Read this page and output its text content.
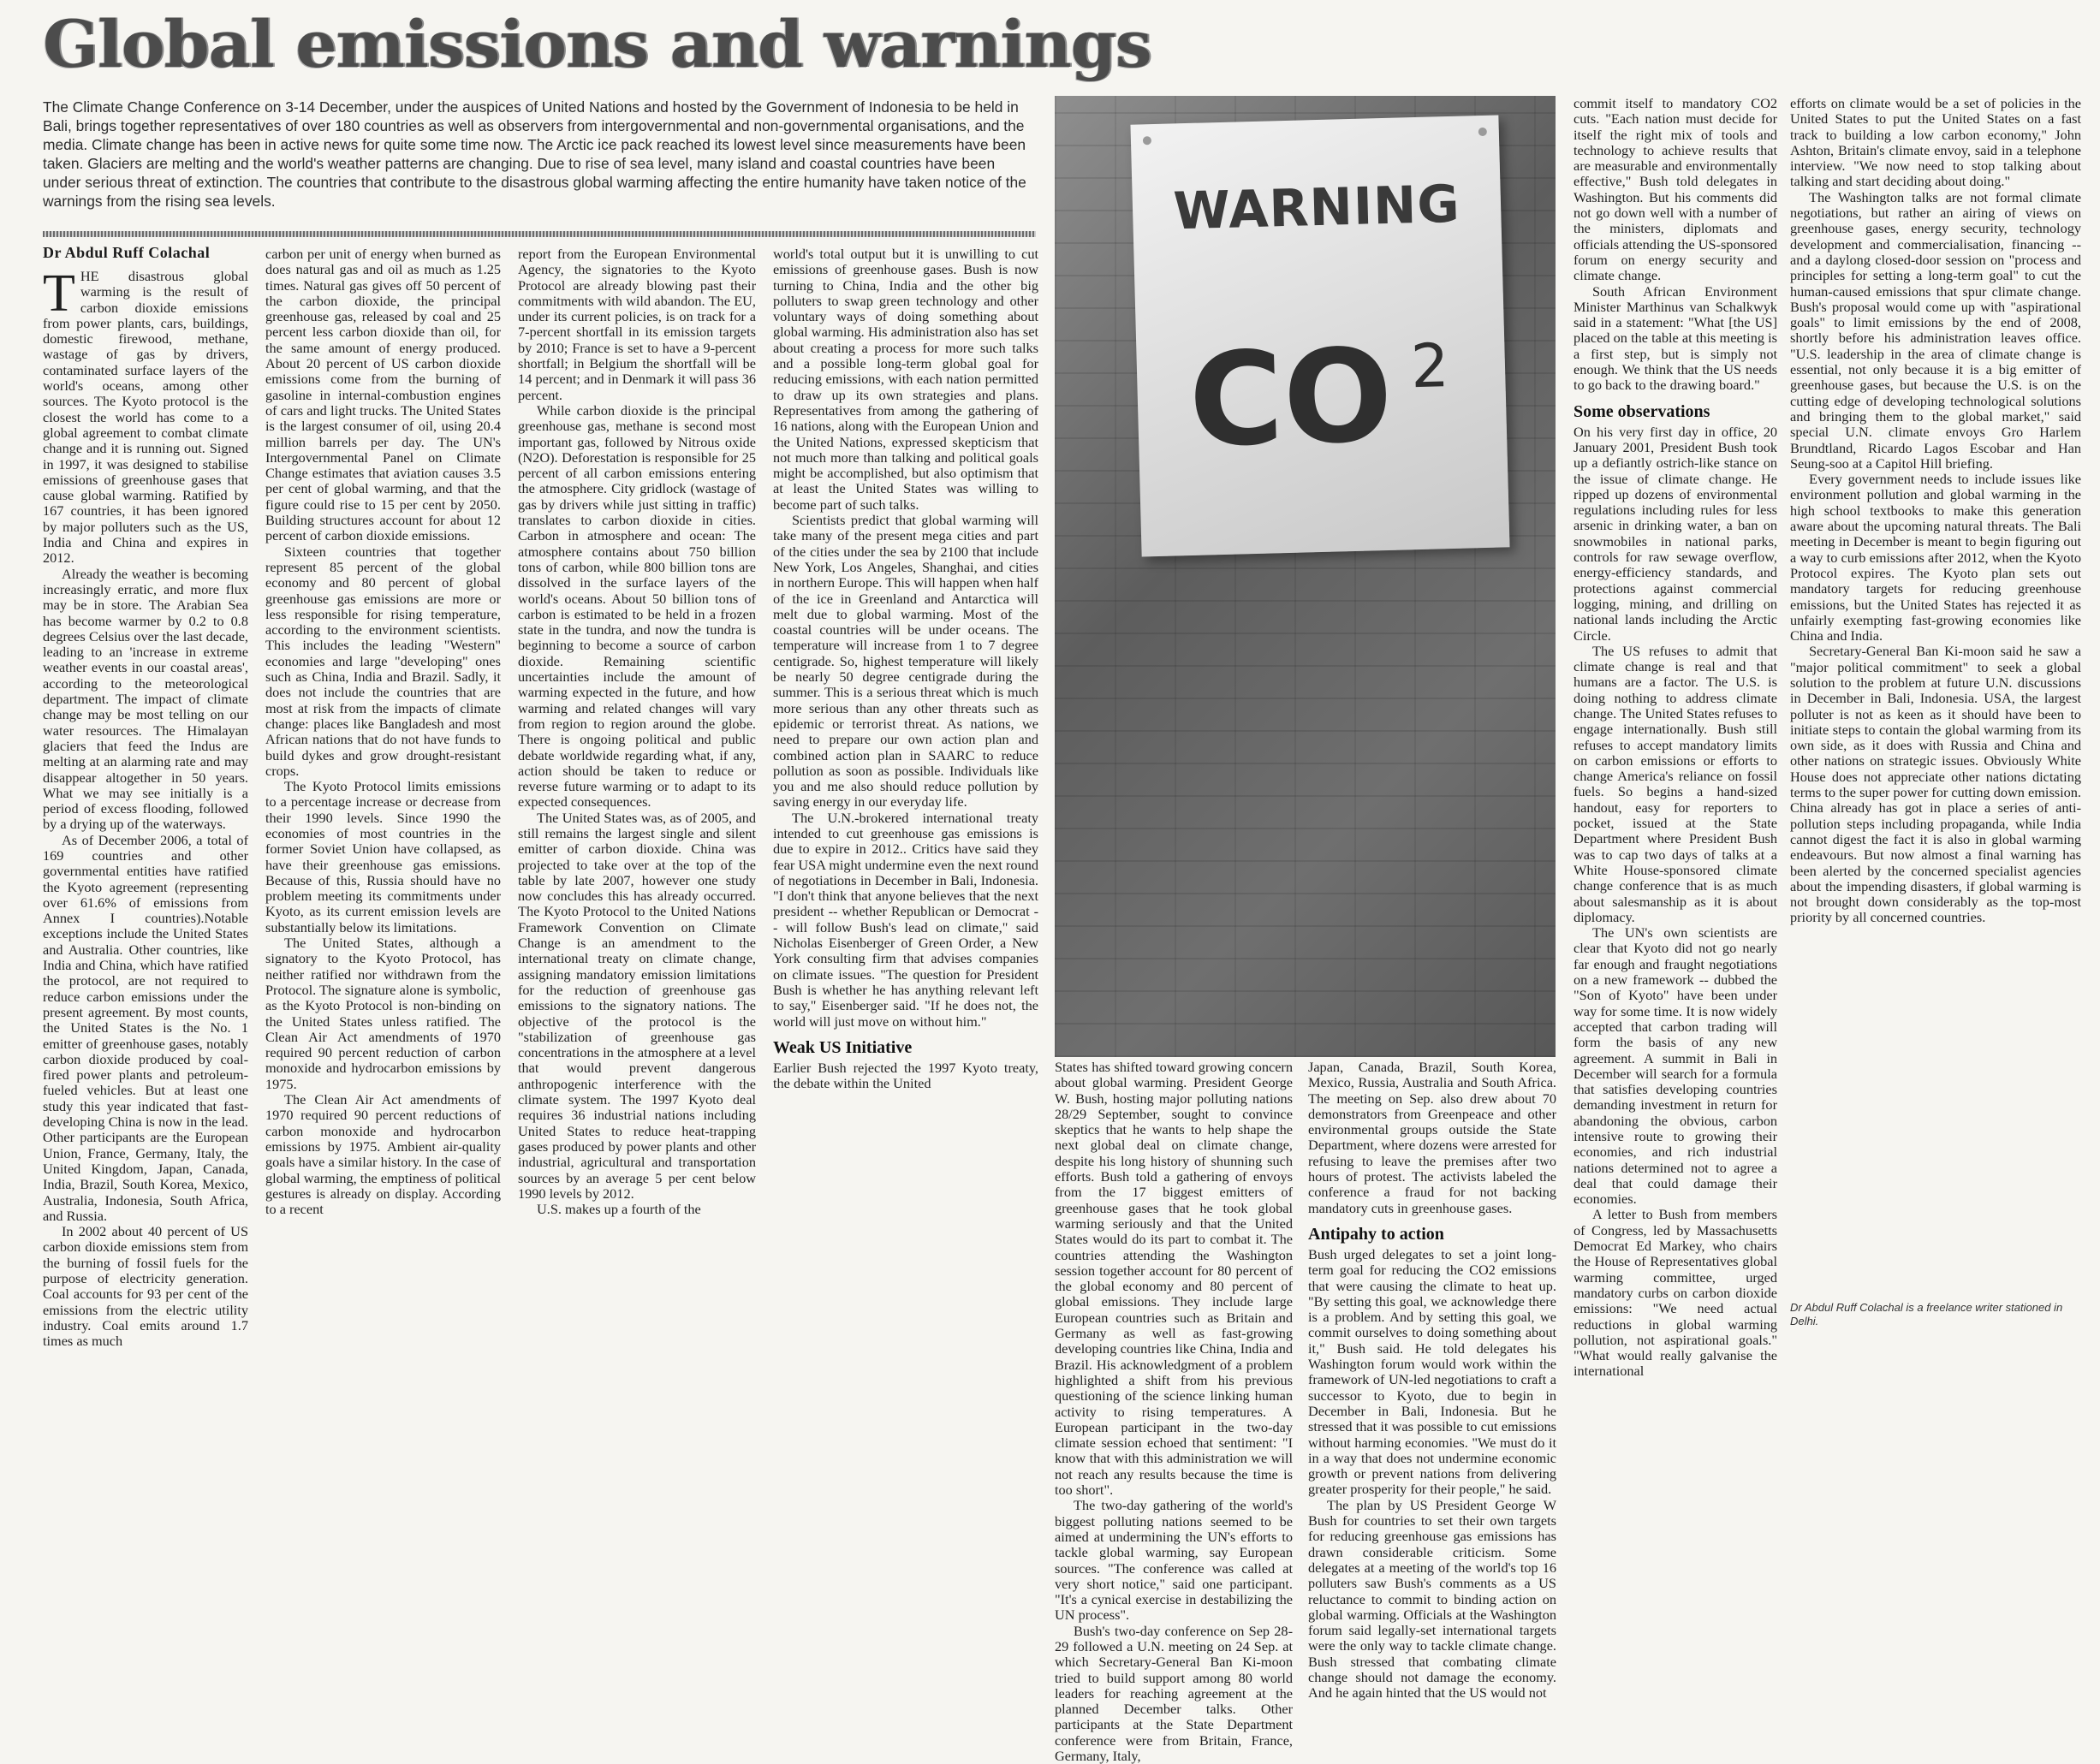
Global emissions and warnings

The Climate Change Conference on 3-14 December, under the auspices of United Nations and hosted by the Government of Indonesia to be held in Bali, brings together representatives of over 180 countries as well as observers from intergovernmental and non-governmental organisations, and the media. Climate change has been in active news for quite some time now. The Arctic ice pack reached its lowest level since measurements have been taken. Glaciers are melting and the world's weather patterns are changing. Due to rise of sea level, many island and coastal countries have been under serious threat of extinction. The countries that contribute to the disastrous global warming affecting the entire humanity have taken notice of the warnings from the rising sea levels.

Dr Abdul Ruff Colachal

THE disastrous global warming is the result of carbon dioxide emissions from power plants, cars, buildings, domestic firewood, methane, wastage of gas by drivers, contaminated surface layers of the world's oceans, among other sources. The Kyoto protocol is the closest the world has come to a global agreement to combat climate change and it is running out. Signed in 1997, it was designed to stabilise emissions of greenhouse gases that cause global warming. Ratified by 167 countries, it has been ignored by major polluters such as the US, India and China and expires in 2012.

Already the weather is becoming increasingly erratic, and more flux may be in store. The Arabian Sea has become warmer by 0.2 to 0.8 degrees Celsius over the last decade, leading to an 'increase in extreme weather events in our coastal areas', according to the meteorological department. The impact of climate change may be most telling on our water resources. The Himalayan glaciers that feed the Indus are melting at an alarming rate and may disappear altogether in 50 years. What we may see initially is a period of excess flooding, followed by a drying up of the waterways.

As of December 2006, a total of 169 countries and other governmental entities have ratified the Kyoto agreement (representing over 61.6% of emissions from Annex I countries).Notable exceptions include the United States and Australia. Other countries, like India and China, which have ratified the protocol, are not required to reduce carbon emissions under the present agreement. By most counts, the United States is the No. 1 emitter of greenhouse gases, notably carbon dioxide produced by coal-fired power plants and petroleum-fueled vehicles. But at least one study this year indicated that fast-developing China is now in the lead. Other participants are the European Union, France, Germany, Italy, the United Kingdom, Japan, Canada, India, Brazil, South Korea, Mexico, Australia, Indonesia, South Africa, and Russia.

In 2002 about 40 percent of US carbon dioxide emissions stem from the burning of fossil fuels for the purpose of electricity generation. Coal accounts for 93 per cent of the emissions from the electric utility industry. Coal emits around 1.7 times as much

carbon per unit of energy when burned as does natural gas and oil as much as 1.25 times. Natural gas gives off 50 percent of the carbon dioxide, the principal greenhouse gas, released by coal and 25 percent less carbon dioxide than oil, for the same amount of energy produced. About 20 percent of US carbon dioxide emissions come from the burning of gasoline in internal-combustion engines of cars and light trucks. The United States is the largest consumer of oil, using 20.4 million barrels per day. The UN's Intergovernmental Panel on Climate Change estimates that aviation causes 3.5 per cent of global warming, and that the figure could rise to 15 per cent by 2050. Building structures account for about 12 percent of carbon dioxide emissions.

Sixteen countries that together represent 85 percent of the global economy and 80 percent of global greenhouse gas emissions are more or less responsible for rising temperature, according to the environment scientists. This includes the leading "Western" economies and large "developing" ones such as China, India and Brazil. Sadly, it does not include the countries that are most at risk from the impacts of climate change: places like Bangladesh and most African nations that do not have funds to build dykes and grow drought-resistant crops.

The Kyoto Protocol limits emissions to a percentage increase or decrease from their 1990 levels. Since 1990 the economies of most countries in the former Soviet Union have collapsed, as have their greenhouse gas emissions. Because of this, Russia should have no problem meeting its commitments under Kyoto, as its current emission levels are substantially below its limitations.

The United States, although a signatory to the Kyoto Protocol, has neither ratified nor withdrawn from the Protocol. The signature alone is symbolic, as the Kyoto Protocol is non-binding on the United States unless ratified. The Clean Air Act amendments of 1970 required 90 percent reduction of carbon monoxide and hydrocarbon emissions by 1975.

The Clean Air Act amendments of 1970 required 90 percent reductions of carbon monoxide and hydrocarbon emissions by 1975. Ambient air-quality goals have a similar history. In the case of global warming, the emptiness of political gestures is already on display. According to a recent

report from the European Environmental Agency, the signatories to the Kyoto Protocol are already blowing past their commitments with wild abandon. The EU, under its current policies, is on track for a 7-percent shortfall in its emission targets by 2010; France is set to have a 9-percent shortfall; in Belgium the shortfall will be 14 percent; and in Denmark it will pass 36 percent.

While carbon dioxide is the principal greenhouse gas, methane is second most important gas, followed by Nitrous oxide (N2O). Deforestation is responsible for 25 percent of all carbon emissions entering the atmosphere. City gridlock (wastage of gas by drivers while just sitting in traffic) translates to carbon dioxide in cities. Carbon in atmosphere and ocean: The atmosphere contains about 750 billion tons of carbon, while 800 billion tons are dissolved in the surface layers of the world's oceans. About 50 billion tons of carbon is estimated to be held in a frozen state in the tundra, and now the tundra is beginning to become a source of carbon dioxide. Remaining scientific uncertainties include the amount of warming expected in the future, and how warming and related changes will vary from region to region around the globe. There is ongoing political and public debate worldwide regarding what, if any, action should be taken to reduce or reverse future warming or to adapt to its expected consequences.

The United States was, as of 2005, and still remains the largest single and silent emitter of carbon dioxide. China was projected to take over at the top of the table by late 2007, however one study now concludes this has already occurred. The Kyoto Protocol to the United Nations Framework Convention on Climate Change is an amendment to the international treaty on climate change, assigning mandatory emission limitations for the reduction of greenhouse gas emissions to the signatory nations. The objective of the protocol is the "stabilization of greenhouse gas concentrations in the atmosphere at a level that would prevent dangerous anthropogenic interference with the climate system. The 1997 Kyoto deal requires 36 industrial nations including United States to reduce heat-trapping gases produced by power plants and other industrial, agricultural and transportation sources by an average 5 per cent below 1990 levels by 2012.

U.S. makes up a fourth of the

world's total output but it is unwilling to cut emissions of greenhouse gases. Bush is now turning to China, India and the other big polluters to swap green technology and other voluntary ways of doing something about global warming. His administration also has set about creating a process for more such talks and a possible long-term global goal for reducing emissions, with each nation permitted to draw up its own strategies and plans. Representatives from among the gathering of 16 nations, along with the European Union and the United Nations, expressed skepticism that not much more than talking and political goals might be accomplished, but also optimism that at least the United States was willing to become part of such talks.

Scientists predict that global warming will take many of the present mega cities and part of the cities under the sea by 2100 that include New York, Los Angeles, Shanghai, and cities in northern Europe. This will happen when half of the ice in Greenland and Antarctica will melt due to global warming. Most of the coastal countries will be under oceans. The temperature will increase from 1 to 7 degree centigrade. So, highest temperature will likely be nearly 50 degree centigrade during the summer. This is a serious threat which is much more serious than any other threats such as epidemic or terrorist threat. As nations, we need to prepare our own action plan and combined action plan in SAARC to reduce pollution as soon as possible. Individuals like you and me also should reduce pollution by saving energy in our everyday life.

The U.N.-brokered international treaty intended to cut greenhouse gas emissions is due to expire in 2012.. Critics have said they fear USA might undermine even the next round of negotiations in December in Bali, Indonesia. "I don't think that anyone believes that the next president -- whether Republican or Democrat -- will follow Bush's lead on climate," said Nicholas Eisenberger of Green Order, a New York consulting firm that advises companies on climate issues. "The question for President Bush is whether he has anything relevant left to say," Eisenberger said. "If he does not, the world will just move on without him."

Weak US Initiative

Earlier Bush rejected the 1997 Kyoto treaty, the debate within the United

WARNING
CO 2

States has shifted toward growing concern about global warming. President George W. Bush, hosting major polluting nations 28/29 September, sought to convince skeptics that he wants to help shape the next global deal on climate change, despite his long history of shunning such efforts. Bush told a gathering of envoys from the 17 biggest emitters of greenhouse gases that he took global warming seriously and that the United States would do its part to combat it. The countries attending the Washington session together account for 80 percent of the global economy and 80 percent of global emissions. They include large European countries such as Britain and Germany as well as fast-growing developing countries like China, India and Brazil. His acknowledgment of a problem highlighted a shift from his previous questioning of the science linking human activity to rising temperatures. A European participant in the two-day climate session echoed that sentiment: "I know that with this administration we will not reach any results because the time is too short".

The two-day gathering of the world's biggest polluting nations seemed to be aimed at undermining the UN's efforts to tackle global warming, say European sources. "The conference was called at very short notice," said one participant. "It's a cynical exercise in destabilizing the UN process".

Bush's two-day conference on Sep 28-29 followed a U.N. meeting on 24 Sep. at which Secretary-General Ban Ki-moon tried to build support among 80 world leaders for reaching agreement at the planned December talks. Other participants at the State Department conference were from Britain, France, Germany, Italy,

Japan, Canada, Brazil, South Korea, Mexico, Russia, Australia and South Africa. The meeting on Sep. also drew about 70 demonstrators from Greenpeace and other environmental groups outside the State Department, where dozens were arrested for refusing to leave the premises after two hours of protest. The activists labeled the conference a fraud for not backing mandatory cuts in greenhouse gases.

Antipahy to action

Bush urged delegates to set a joint long-term goal for reducing the CO2 emissions that were causing the climate to heat up. "By setting this goal, we acknowledge there is a problem. And by setting this goal, we commit ourselves to doing something about it," Bush said. He told delegates his Washington forum would work within the framework of UN-led negotiations to craft a successor to Kyoto, due to begin in December in Bali, Indonesia. But he stressed that it was possible to cut emissions without harming economies. "We must do it in a way that does not undermine economic growth or prevent nations from delivering greater prosperity for their people," he said.

The plan by US President George W Bush for countries to set their own targets for reducing greenhouse gas emissions has drawn considerable criticism. Some delegates at a meeting of the world's top 16 polluters saw Bush's comments as a US reluctance to commit to binding action on global warming. Officials at the Washington forum said legally-set international targets were the only way to tackle climate change. Bush stressed that combating climate change should not damage the economy. And he again hinted that the US would not

commit itself to mandatory CO2 cuts. "Each nation must decide for itself the right mix of tools and technology to achieve results that are measurable and environmentally effective," Bush told delegates in Washington. But his comments did not go down well with a number of the ministers, diplomats and officials attending the US-sponsored forum on energy security and climate change.

South African Environment Minister Marthinus van Schalkwyk said in a statement: "What [the US] placed on the table at this meeting is a first step, but is simply not enough. We think that the US needs to go back to the drawing board."

Some observations

On his very first day in office, 20 January 2001, President Bush took up a defiantly ostrich-like stance on the issue of climate change. He ripped up dozens of environmental regulations including rules for less arsenic in drinking water, a ban on snowmobiles in national parks, controls for raw sewage overflow, energy-efficiency standards, and protections against commercial logging, mining, and drilling on national lands including the Arctic Circle.

The US refuses to admit that climate change is real and that humans are a factor. The U.S. is doing nothing to address climate change. The United States refuses to engage internationally. Bush still refuses to accept mandatory limits on carbon emissions or efforts to change America's reliance on fossil fuels. So begins a hand-sized handout, easy for reporters to pocket, issued at the State Department where President Bush was to cap two days of talks at a White House-sponsored climate change conference that is as much about salesmanship as it is about diplomacy.

The UN's own scientists are clear that Kyoto did not go nearly far enough and fraught negotiations on a new framework -- dubbed the "Son of Kyoto" have been under way for some time. It is now widely accepted that carbon trading will form the basis of any new agreement. A summit in Bali in December will search for a formula that satisfies developing countries demanding investment in return for abandoning the obvious, carbon intensive route to growing their economies, and rich industrial nations determined not to agree a deal that could damage their economies.

A letter to Bush from members of Congress, led by Massachusetts Democrat Ed Markey, who chairs the House of Representatives global warming committee, urged mandatory curbs on carbon dioxide emissions: "We need actual reductions in global warming pollution, not aspirational goals." "What would really galvanise the international

efforts on climate would be a set of policies in the United States to put the United States on a fast track to building a low carbon economy," John Ashton, Britain's climate envoy, said in a telephone interview. "We now need to stop talking about talking and start deciding about doing."

The Washington talks are not formal climate negotiations, but rather an airing of views on greenhouse gases, energy security, technology development and commercialisation, financing -- and a daylong closed-door session on "process and principles for setting a long-term goal" to cut the human-caused emissions that spur climate change. Bush's proposal would come up with "aspirational goals" to limit emissions by the end of 2008, shortly before his administration leaves office. "U.S. leadership in the area of climate change is essential, not only because it is a big emitter of greenhouse gases, but because the U.S. is on the cutting edge of developing technological solutions and bringing them to the global market," said special U.N. climate envoys Gro Harlem Brundtland, Ricardo Lagos Escobar and Han Seung-soo at a Capitol Hill briefing.

Every government needs to include issues like environment pollution and global warming in the high school textbooks to make this generation aware about the upcoming natural threats. The Bali meeting in December is meant to begin figuring out a way to curb emissions after 2012, when the Kyoto Protocol expires. The Kyoto plan sets out mandatory targets for reducing greenhouse emissions, but the United States has rejected it as unfairly exempting fast-growing economies like China and India.

Secretary-General Ban Ki-moon said he saw a "major political commitment" to seek a global solution to the problem at future U.N. discussions in December in Bali, Indonesia. USA, the largest polluter is not as keen as it should have been to initiate steps to contain the global warming from its own side, as it does with Russia and China and other nations on strategic issues. Obviously White House does not appreciate other nations dictating terms to the super power for cutting down emission. China already has got in place a series of anti-pollution steps including propaganda, while India cannot digest the fact it is also in global warming endeavours. But now almost a final warning has been alerted by the concerned specialist agencies about the impending disasters, if global warming is not brought down considerably as the top-most priority by all concerned countries.

Dr Abdul Ruff Colachal is a freelance writer stationed in Delhi.
